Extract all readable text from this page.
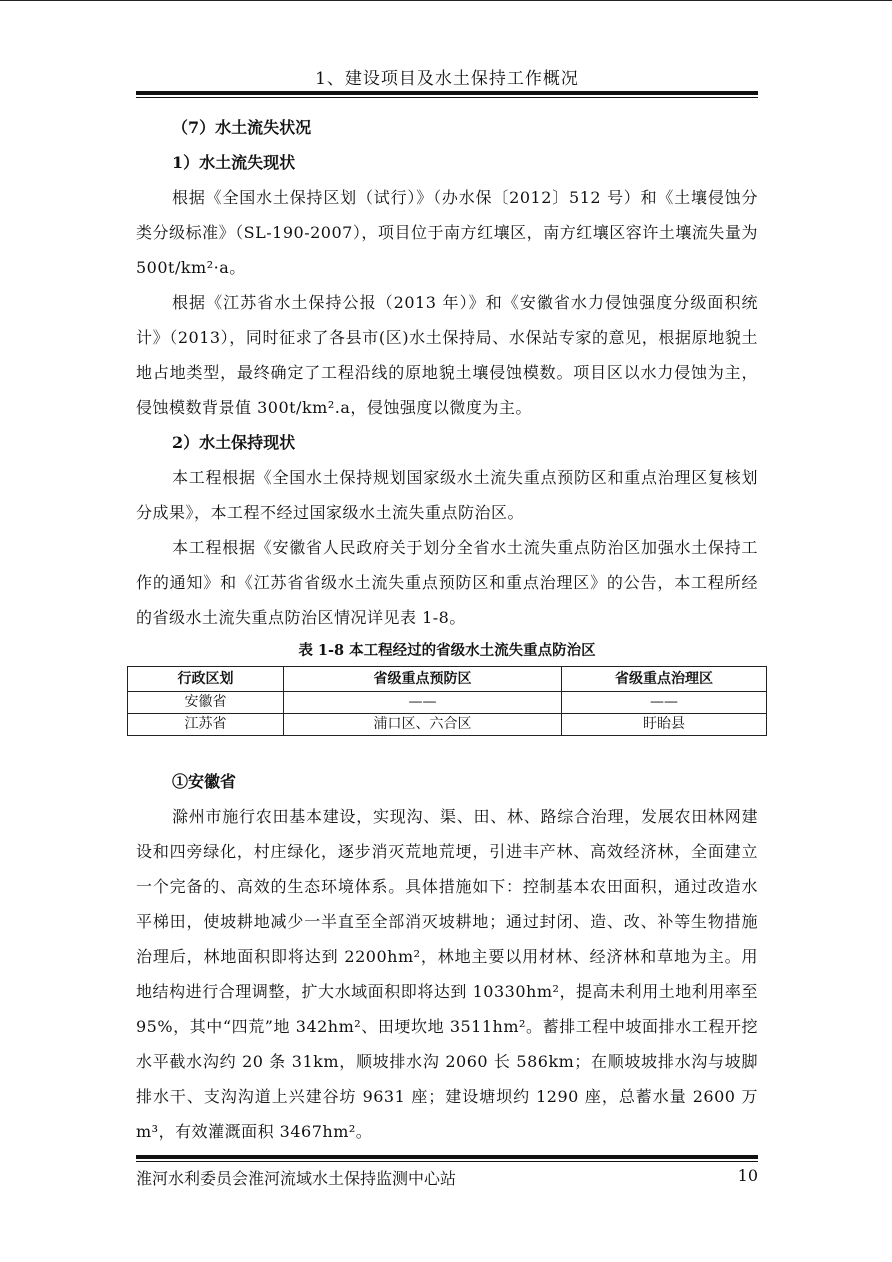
1、建设项目及水土保持工作概况
（7）水土流失状况
1）水土流失现状

根据《全国水土保持区划（试行）》（办水保〔2012〕512 号）和《土壤侵蚀分类分级标准》（SL-190-2007），项目位于南方红壤区，南方红壤区容许土壤流失量为 500t/km²·a。

根据《江苏省水土保持公报（2013 年）》和《安徽省水力侵蚀强度分级面积统计》（2013），同时征求了各县市(区)水土保持局、水保站专家的意见，根据原地貌土地占地类型，最终确定了工程沿线的原地貌土壤侵蚀模数。项目区以水力侵蚀为主，侵蚀模数背景值 300t/km².a，侵蚀强度以微度为主。

2）水土保持现状

本工程根据《全国水土保持规划国家级水土流失重点预防区和重点治理区复核划分成果》，本工程不经过国家级水土流失重点防治区。

本工程根据《安徽省人民政府关于划分全省水土流失重点防治区加强水土保持工作的通知》和《江苏省省级水土流失重点预防区和重点治理区》的公告，本工程所经的省级水土流失重点防治区情况详见表 1-8。

表 1-8 本工程经过的省级水土流失重点防治区
行政区划	省级重点预防区	省级重点治理区
安徽省	——	——
江苏省	浦口区、六合区	盱眙县
①安徽省

滁州市施行农田基本建设，实现沟、渠、田、林、路综合治理，发展农田林网建设和四旁绿化，村庄绿化，逐步消灭荒地荒埂，引进丰产林、高效经济林，全面建立一个完备的、高效的生态环境体系。具体措施如下：控制基本农田面积，通过改造水平梯田，使坡耕地减少一半直至全部消灭坡耕地；通过封闭、造、改、补等生物措施治理后，林地面积即将达到 2200hm²，林地主要以用材林、经济林和草地为主。用地结构进行合理调整，扩大水域面积即将达到 10330hm²，提高未利用土地利用率至 95%，其中“四荒”地 342hm²、田埂坎地 3511hm²。蓄排工程中坡面排水工程开挖水平截水沟约 20 条 31km，顺坡排水沟 2060 长 586km；在顺坡坡排水沟与坡脚排水干、支沟沟道上兴建谷坊 9631 座；建设塘坝约 1290 座，总蓄水量 2600 万 m³，有效灌溉面积 3467hm²。

淮河水利委员会淮河流域水土保持监测中心站	10
